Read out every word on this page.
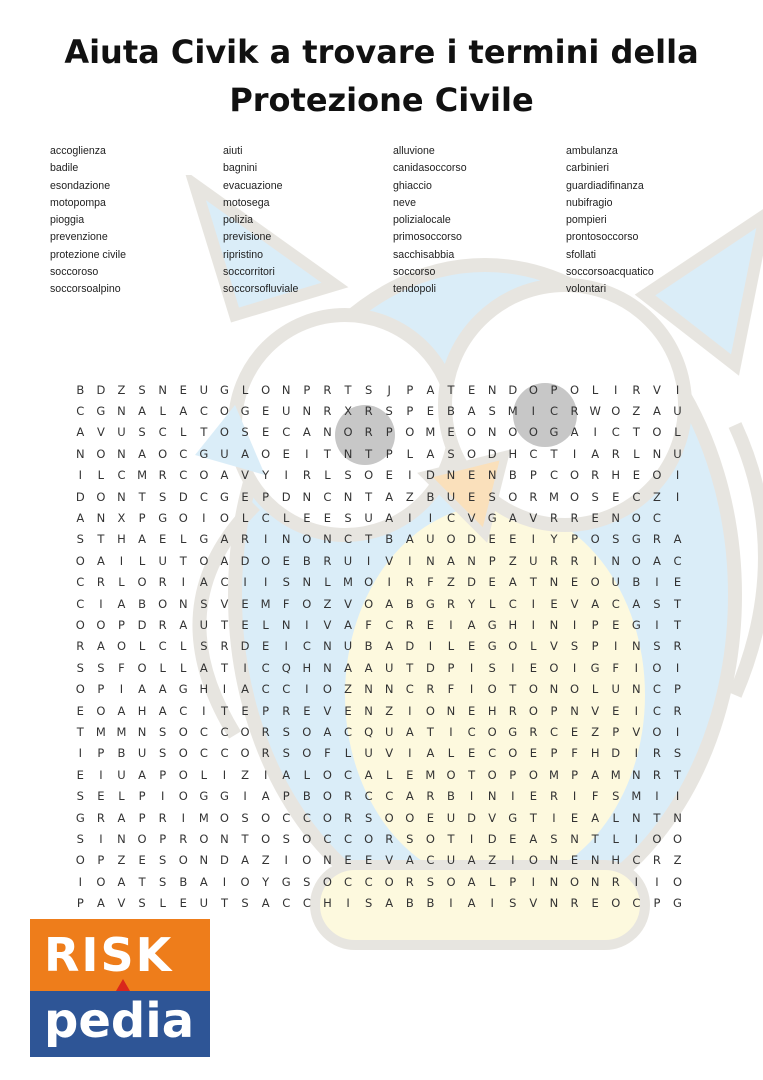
Aiuta Civik a trovare i termini della
Protezione Civile
accoglienza	aiuti	alluvione	ambulanza
badile	bagnini	canidasoccorso	carbinieri
esondazione	evacuazione	ghiaccio	guardiadifinanza
motopompa	motosega	neve	nubifragio
pioggia	polizia	polizialocale	pompieri
prevenzione	previsione	primosoccorso	prontosoccorso
protezione civile	ripristino	sacchisabbia	sfollati
soccoroso	soccorritori	soccorso	soccorsoacquatico
soccorsoalpino	soccorsofluviale	tendopoli	volontari
B	D	Z	S	N	E	U	G	L	O	N	P	R	T	S	J	P	A	T	E	N	D	O	P	O	L	I	R	V	I
C	G	N	A	L	A	C	O	G	E	U	N	R	X	R	S	P	E	B	A	S	M	I	C	R W O	Z	A	U
A	V	U	S	C	L	T	O	S	E	C	A	N	O	R	P	O M	E	O	N	O	O	G	A	I	C	T	O	L
N	O	N	A	O	C	G	U	A	O	E	I	T	N	T	P	L	A	S	O	D	H	C	T	I	A	R	L	N	U
I	L	C	M	R	C	O	A	V	Y	I	R	L	S	O	E	I	D	N	E	N	B	P	C	O	R	H	E	O	I
D	O	N	T	S	D	C	G	E	P	D	N	C	N	T	A	Z	B	U	E	S	O	R	M O	S	E	C	Z	I
A	N	X	P	G	O	I	O	L	C	L	E	E	S	U	A	I	I	C	V	G	A	V	R	R	E	N	O	C
S	T	H	A	E	L	G	A	R	I	N	O	N	C	T	B	A	U	O	D	E	E	I	Y	P	O	S	G	R	A
O	A	I	L	U	T	O	A	D	O	E	B	R	U	I	V	I	N	A	N	P	Z	U	R	R	I	N	O	A	C
C	R	L	O	R	I	A	C	I	I	S	N	L	M O	I	R	F	Z	D	E	A	T	N	E	O	U	B	I	E
C	I	A	B	O	N	S	V	E	M	F	O	Z	V	O	A	B	G	R	Y	L	C	I	E	V	A	C	A	S	T
O	O	P	D	R	A	U	T	E	L	N	I	V	A	F	C	R	E	I	A	G	H	I	N	I	P	E	G	I	T
R	A	O	L	C	L	S	R	D	E	I	C	N	U	B	A	D	I	L	E	G	O	L	V	S	P	I	N	S	R
S	S	F	O	L	L	A	T	I	C	Q	H	N	A	A	U	T	D	P	I	S	I	E	O	I	G	F	I	O	I
O	P	I	A	A	G	H	I	A	C	C	I	O	Z	N	N	C	R	F	I	O	T	O	N	O	L	U	N	C	P
E	O	A	H	A	C	I	T	E	P	R	E	V	E	N	Z	I	O	N	E	H	R	O	P	N	V	E	I	C	R
T	M M N	S	O	C	C	O	R	S	O	A	C	Q	U	A	T	I	C	O	G	R	C	E	Z	P	V	O	I
I	P	B	U	S	O	C	C	O	R	S	O	F	L	U	V	I	A	L	E	C	O	E	P	F	H	D	I	R	S
E	I	U	A	P	O	L	I	Z	I	A	L	O	C	A	L	E	M O	T	O	P	O M	P	A	M N	R	T
S	E	L	P	I	O	G	G	I	A	P	B	O	R	C	C	A	R	B	I	N	I	E	R	I	F	S	M	I	I
G	R	A	P	R	I	M O	S	O	C	C	O	R	S	O	O	E	U	D	V	G	T	I	E	A	L	N	T	N
S	I	N	O	P	R	O	N	T	O	S	O	C	C	O	R	S	O	T	I	D	E	A	S	N	T	L	I	O	O
O	P	Z	E	S	O	N	D	A	Z	I	O	N	E	E	V	A	C	U	A	Z	I	O	N	E	N	H	C	R	Z
I	O	A	T	S	B	A	I	O	Y	G	S	O	C	C	O	R	S	O	A	L	P	I	N	O	N	R	I	I	O
P	A	V	S	L	E	U	T	S	A	C	C	H	I	S	A	B	B	I	A	I	S	V	N	R	E	O	C	P	G
RISK
pedia
